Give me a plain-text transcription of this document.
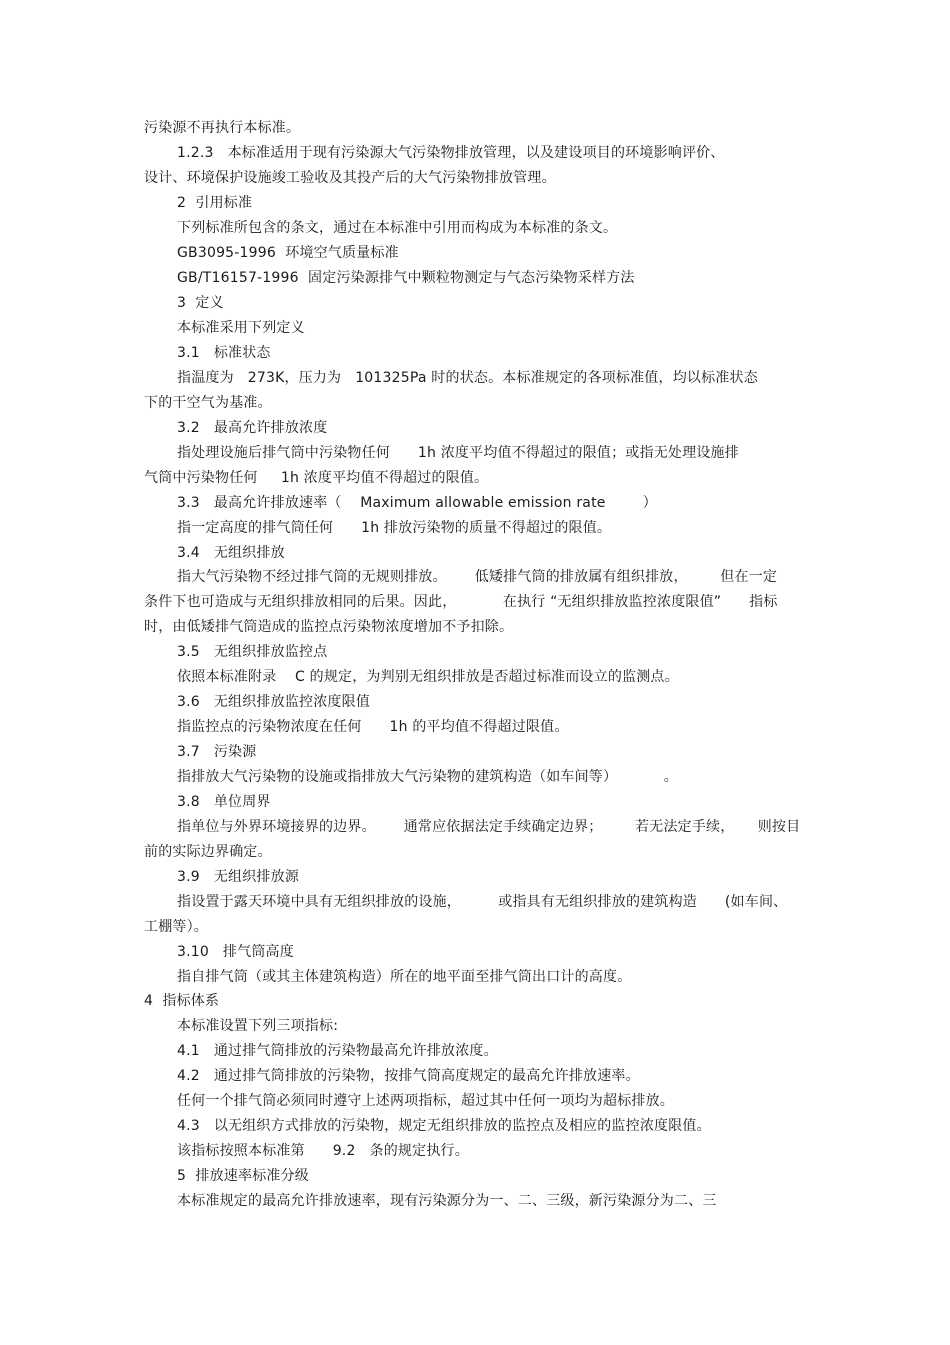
污染源不再执行本标准。
1.2.3   本标准适用于现有污染源大气污染物排放管理，以及建设项目的环境影响评价、
设计、环境保护设施竣工验收及其投产后的大气污染物排放管理。
2  引用标准
下列标准所包含的条文，通过在本标准中引用而构成为本标准的条文。
GB3095-1996  环境空气质量标准
GB/T16157-1996  固定污染源排气中颗粒物测定与气态污染物采样方法
3  定义
本标准采用下列定义
3.1   标准状态
指温度为   273K，压力为   101325Pa 时的状态。本标准规定的各项标准值，均以标准状态
下的干空气为基准。
3.2   最高允许排放浓度
指处理设施后排气筒中污染物任何      1h 浓度平均值不得超过的限值；或指无处理设施排
气筒中污染物任何     1h 浓度平均值不得超过的限值。
3.3   最高允许排放速率（    Maximum allowable emission rate        ）
指一定高度的排气筒任何      1h 排放污染物的质量不得超过的限值。
3.4   无组织排放
指大气污染物不经过排气筒的无规则排放。      低矮排气筒的排放属有组织排放，       但在一定
条件下也可造成与无组织排放相同的后果。因此，          在执行 “无组织排放监控浓度限值”      指标
时，由低矮排气筒造成的监控点污染物浓度增加不予扣除。
3.5   无组织排放监控点
依照本标准附录    C 的规定，为判别无组织排放是否超过标准而设立的监测点。
3.6   无组织排放监控浓度限值
指监控点的污染物浓度在任何      1h 的平均值不得超过限值。
3.7   污染源
指排放大气污染物的设施或指排放大气污染物的建筑构造（如车间等）          。
3.8   单位周界
指单位与外界环境接界的边界。      通常应依据法定手续确定边界；       若无法定手续，     则按目
前的实际边界确定。
3.9   无组织排放源
指设置于露天环境中具有无组织排放的设施，        或指具有无组织排放的建筑构造      (如车间、
工棚等）。
3.10   排气筒高度
指自排气筒（或其主体建筑构造）所在的地平面至排气筒出口计的高度。
4  指标体系
本标准设置下列三项指标:
4.1   通过排气筒排放的污染物最高允许排放浓度。
4.2   通过排气筒排放的污染物，按排气筒高度规定的最高允许排放速率。
任何一个排气筒必须同时遵守上述两项指标，超过其中任何一项均为超标排放。
4.3   以无组织方式排放的污染物，规定无组织排放的监控点及相应的监控浓度限值。
该指标按照本标准第      9.2   条的规定执行。
5  排放速率标准分级
本标准规定的最高允许排放速率，现有污染源分为一、二、三级，新污染源分为二、三
